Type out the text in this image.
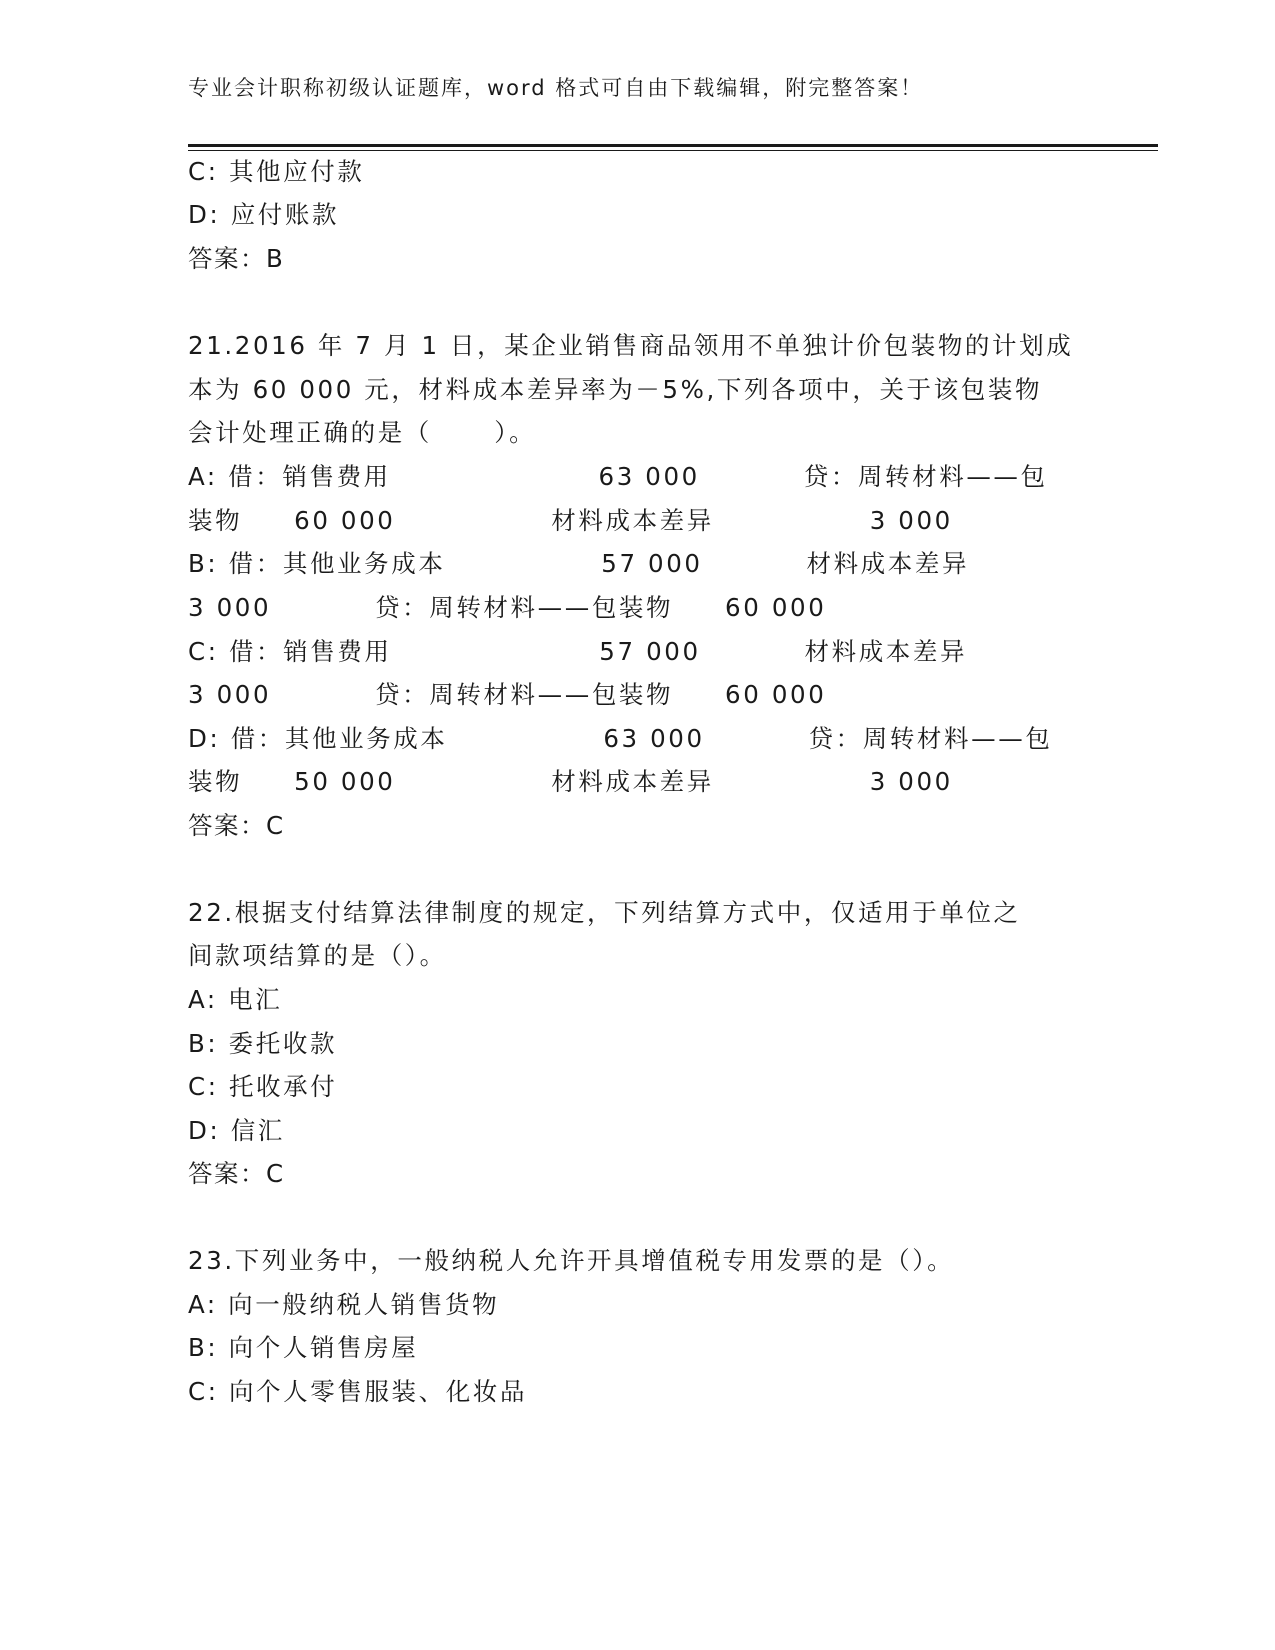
专业会计职称初级认证题库，word 格式可自由下载编辑，附完整答案！
C: 其他应付款
D: 应付账款
答案：B
21.2016 年 7 月 1 日，某企业销售商品领用不单独计价包装物的计划成
本为 60 000 元，材料成本差异率为－5%,下列各项中，关于该包装物
会计处理正确的是（      ）。
A: 借：销售费用                    63 000          贷：周转材料——包
装物     60 000               材料成本差异               3 000
B: 借：其他业务成本               57 000          材料成本差异
3 000          贷：周转材料——包装物     60 000
C: 借：销售费用                    57 000          材料成本差异
3 000          贷：周转材料——包装物     60 000
D: 借：其他业务成本               63 000          贷：周转材料——包
装物     50 000               材料成本差异               3 000
答案：C
22.根据支付结算法律制度的规定，下列结算方式中，仅适用于单位之
间款项结算的是（）。
A: 电汇
B: 委托收款
C: 托收承付
D: 信汇
答案：C
23.下列业务中，一般纳税人允许开具增值税专用发票的是（）。
A: 向一般纳税人销售货物
B: 向个人销售房屋
C: 向个人零售服装、化妆品
